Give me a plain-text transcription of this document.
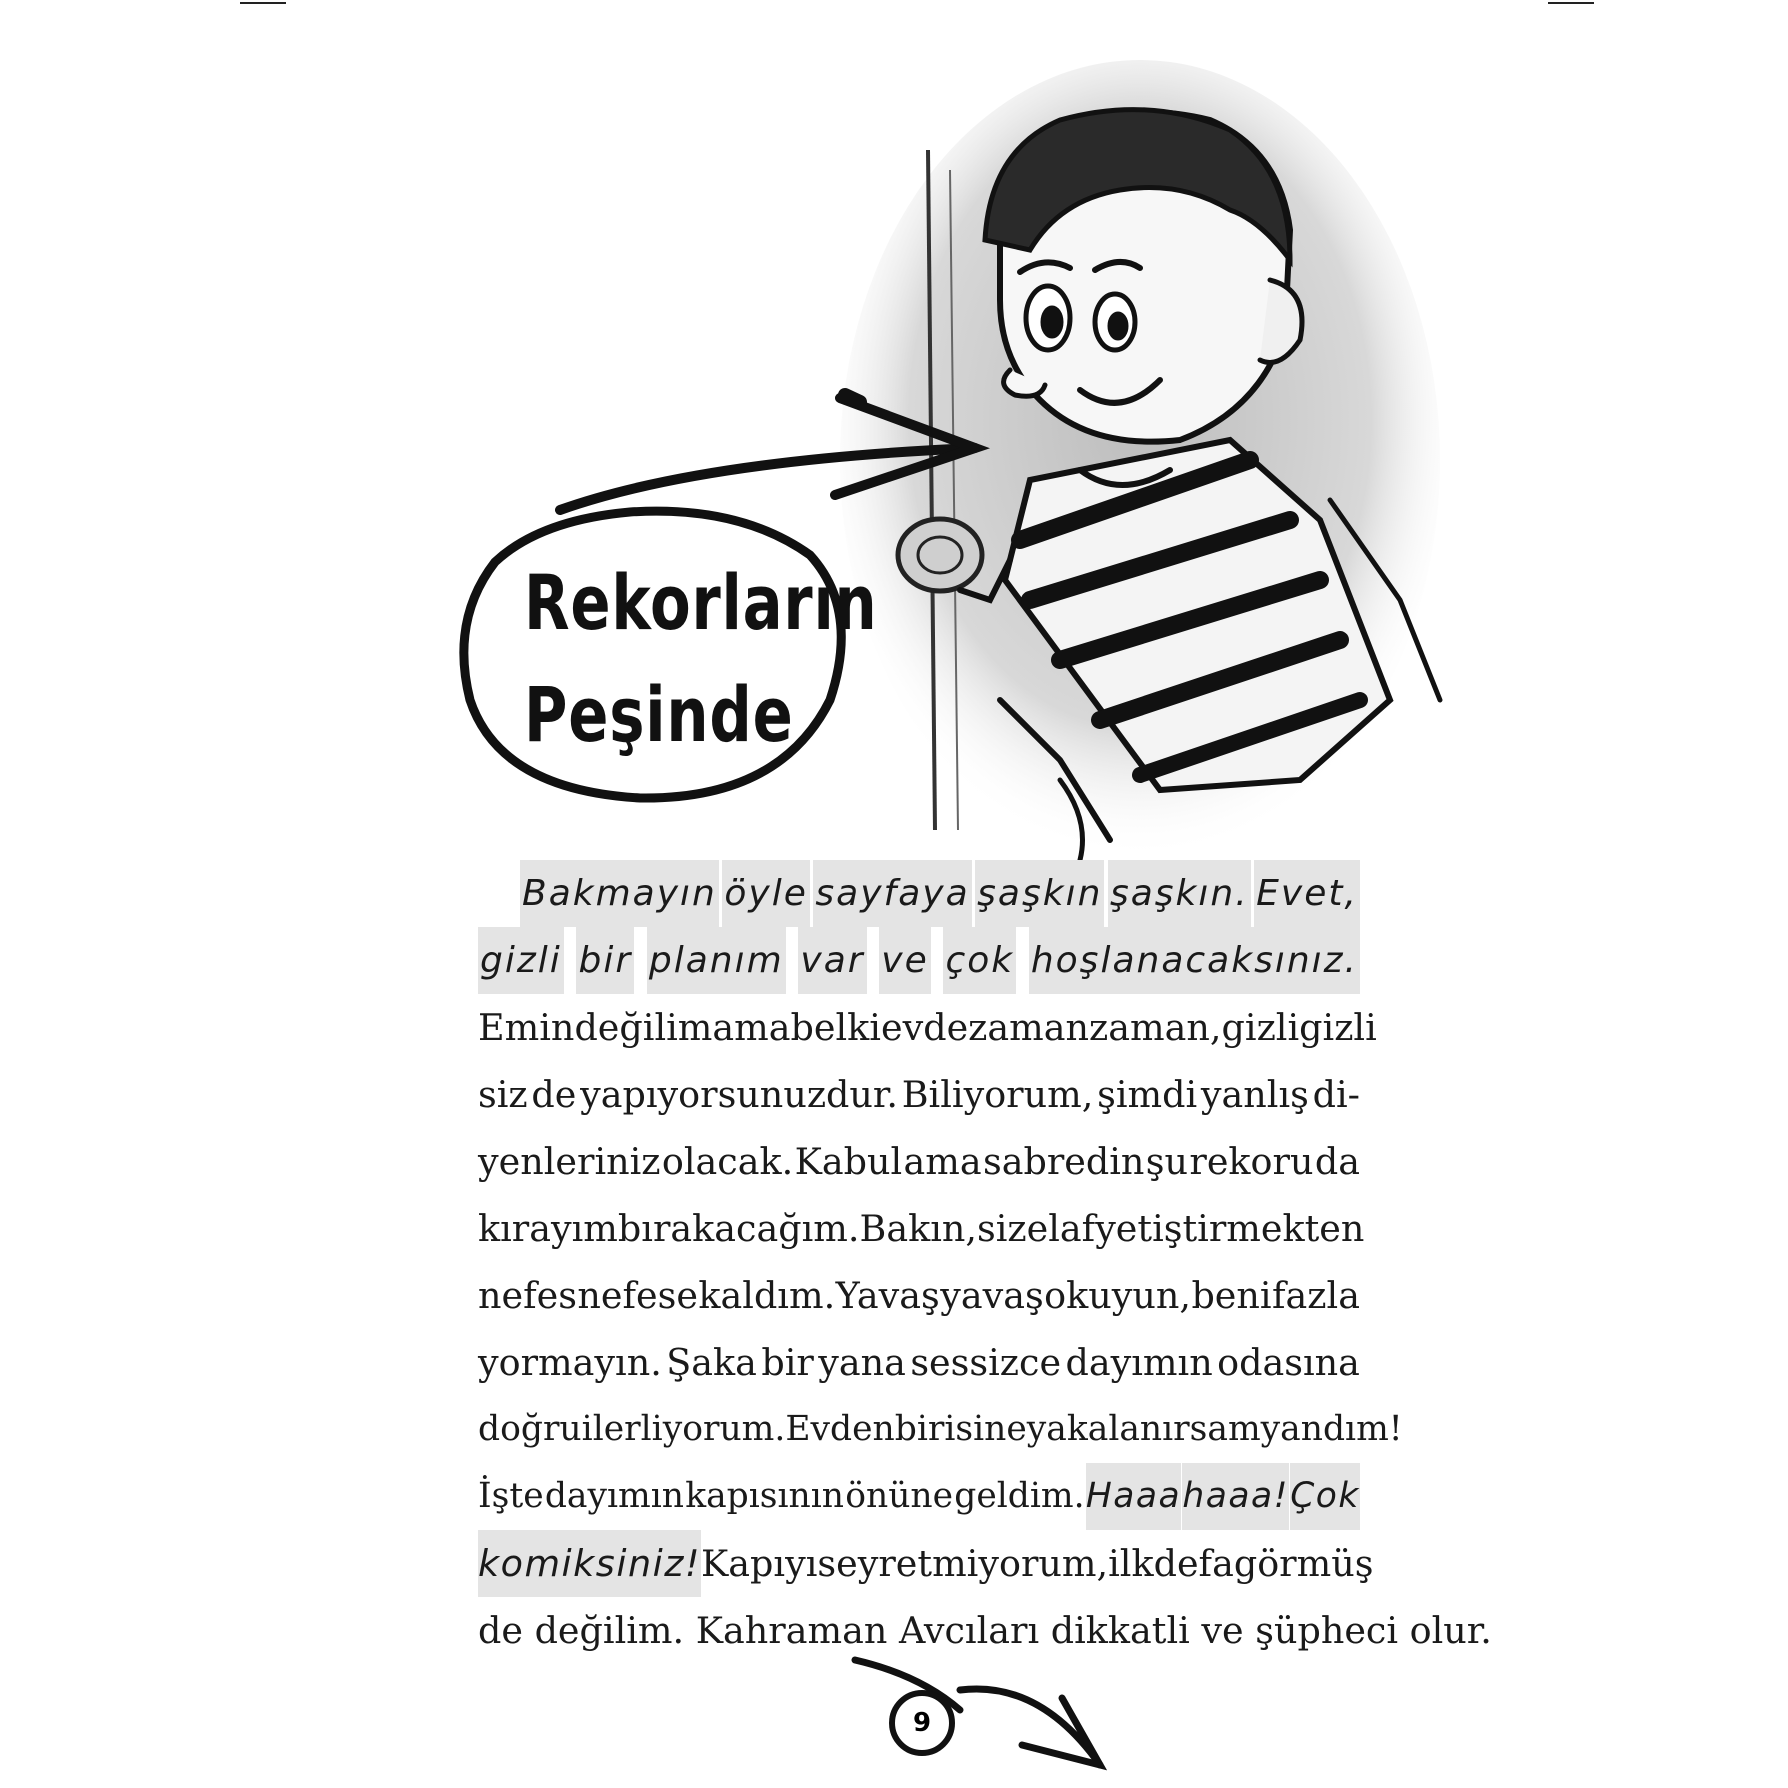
Rekorların
Peşinde
Bakmayın öyle sayfaya şaşkın şaşkın. Evet,
gizli bir planım var ve çok hoşlanacaksınız.
Emin değilim ama belki evde zaman zaman, gizli gizli
siz de yapıyorsunuzdur. Biliyorum, şimdi yanlış di-
yenleriniz olacak. Kabul ama sabredin şu rekoru da
kırayım bırakacağım. Bakın, size laf yetiştirmekten
nefes nefese kaldım. Yavaş yavaş okuyun, beni fazla
yormayın. Şaka bir yana sessizce dayımın odasına
doğru ilerliyorum. Evden birisine yakalanırsam yandım!
İşte dayımın kapısının önüne geldim. Haaa haaa! Çok
komiksiniz! Kapıyı seyretmiyorum, ilk defa görmüş
de değilim. Kahraman Avcıları dikkatli ve şüpheci olur.
9
